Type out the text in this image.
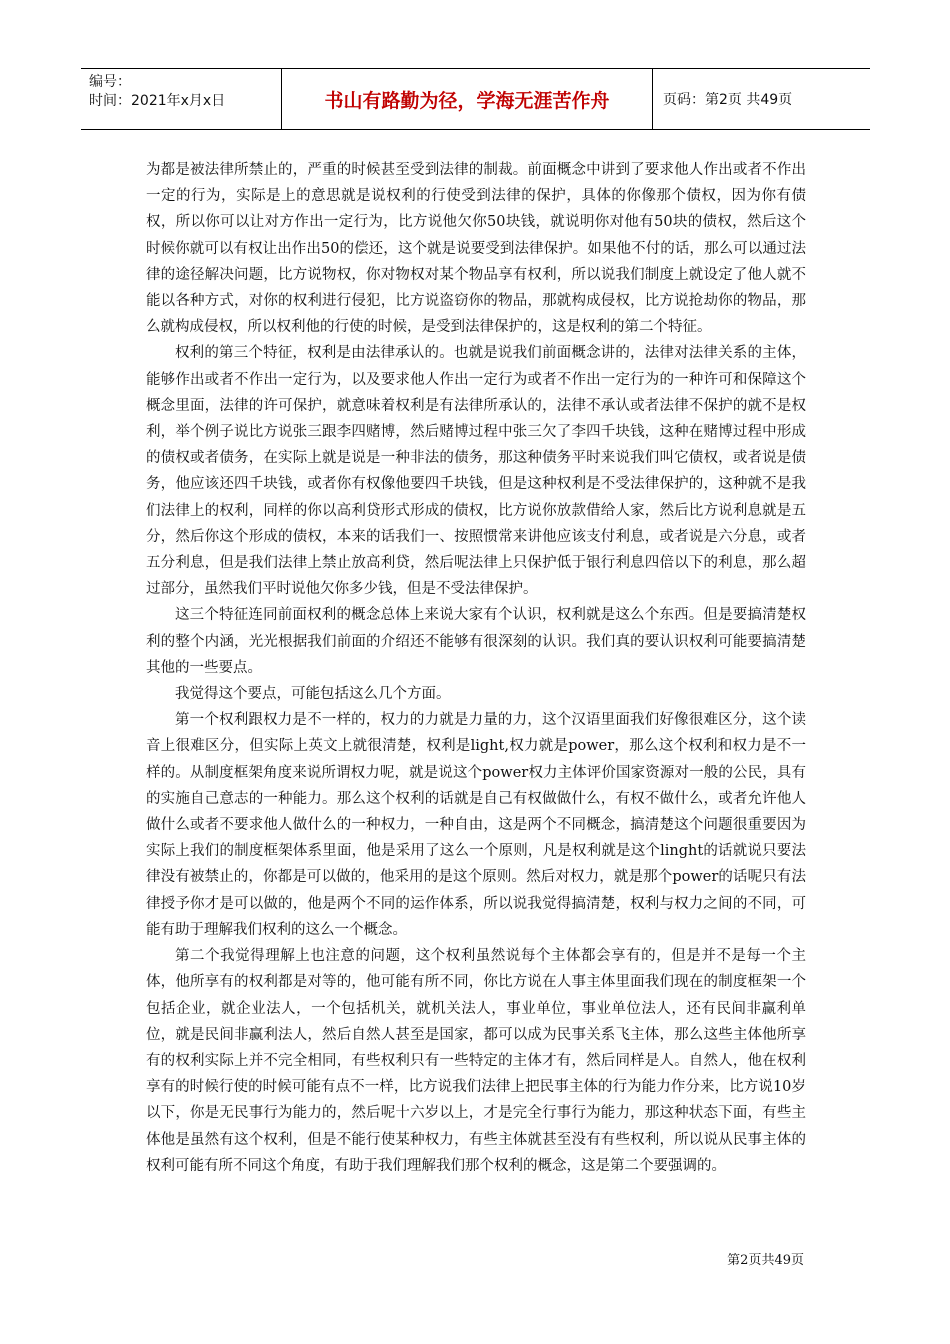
编号：
时间：2021年x月x日	书山有路勤为径，学海无涯苦作舟	页码：第2页 共49页

为都是被法律所禁止的，严重的时候甚至受到法律的制裁。前面概念中讲到了要求他人作出或者不作出一定的行为，实际是上的意思就是说权利的行使受到法律的保护，具体的你像那个债权，因为你有债权，所以你可以让对方作出一定行为，比方说他欠你50块钱，就说明你对他有50块的债权，然后这个时候你就可以有权让出作出50的偿还，这个就是说要受到法律保护。如果他不付的话，那么可以通过法律的途径解决问题，比方说物权，你对物权对某个物品享有权利，所以说我们制度上就设定了他人就不能以各种方式，对你的权利进行侵犯，比方说盗窃你的物品，那就构成侵权，比方说抢劫你的物品，那么就构成侵权，所以权利他的行使的时候，是受到法律保护的，这是权利的第二个特征。

权利的第三个特征，权利是由法律承认的。也就是说我们前面概念讲的，法律对法律关系的主体，能够作出或者不作出一定行为，以及要求他人作出一定行为或者不作出一定行为的一种许可和保障这个概念里面，法律的许可保护，就意味着权利是有法律所承认的，法律不承认或者法律不保护的就不是权利，举个例子说比方说张三跟李四赌博，然后赌博过程中张三欠了李四千块钱，这种在赌博过程中形成的债权或者债务，在实际上就是说是一种非法的债务，那这种债务平时来说我们叫它债权，或者说是债务，他应该还四千块钱，或者你有权像他要四千块钱，但是这种权利是不受法律保护的，这种就不是我们法律上的权利，同样的你以高利贷形式形成的债权，比方说你放款借给人家，然后比方说利息就是五分，然后你这个形成的债权，本来的话我们一、按照惯常来讲他应该支付利息，或者说是六分息，或者五分利息，但是我们法律上禁止放高利贷，然后呢法律上只保护低于银行利息四倍以下的利息，那么超过部分，虽然我们平时说他欠你多少钱，但是不受法律保护。

这三个特征连同前面权利的概念总体上来说大家有个认识，权利就是这么个东西。但是要搞清楚权利的整个内涵，光光根据我们前面的介绍还不能够有很深刻的认识。我们真的要认识权利可能要搞清楚其他的一些要点。

我觉得这个要点，可能包括这么几个方面。

第一个权利跟权力是不一样的，权力的力就是力量的力，这个汉语里面我们好像很难区分，这个读音上很难区分，但实际上英文上就很清楚，权利是light,权力就是power，那么这个权利和权力是不一样的。从制度框架角度来说所谓权力呢，就是说这个power权力主体评价国家资源对一般的公民，具有的实施自己意志的一种能力。那么这个权利的话就是自己有权做做什么，有权不做什么，或者允许他人做什么或者不要求他人做什么的一种权力，一种自由，这是两个不同概念，搞清楚这个问题很重要因为实际上我们的制度框架体系里面，他是采用了这么一个原则，凡是权利就是这个linght的话就说只要法律没有被禁止的，你都是可以做的，他采用的是这个原则。然后对权力，就是那个power的话呢只有法律授予你才是可以做的，他是两个不同的运作体系，所以说我觉得搞清楚，权利与权力之间的不同，可能有助于理解我们权利的这么一个概念。

第二个我觉得理解上也注意的问题，这个权利虽然说每个主体都会享有的，但是并不是每一个主体，他所享有的权利都是对等的，他可能有所不同，你比方说在人事主体里面我们现在的制度框架一个包括企业，就企业法人，一个包括机关，就机关法人，事业单位，事业单位法人，还有民间非赢利单位，就是民间非赢利法人，然后自然人甚至是国家，都可以成为民事关系飞主体，那么这些主体他所享有的权利实际上并不完全相同，有些权利只有一些特定的主体才有，然后同样是人。自然人，他在权利享有的时候行使的时候可能有点不一样，比方说我们法律上把民事主体的行为能力作分来，比方说10岁以下，你是无民事行为能力的，然后呢十六岁以上，才是完全行事行为能力，那这种状态下面，有些主体他是虽然有这个权利，但是不能行使某种权力，有些主体就甚至没有有些权利，所以说从民事主体的权利可能有所不同这个角度，有助于我们理解我们那个权利的概念，这是第二个要强调的。

第2页共49页
